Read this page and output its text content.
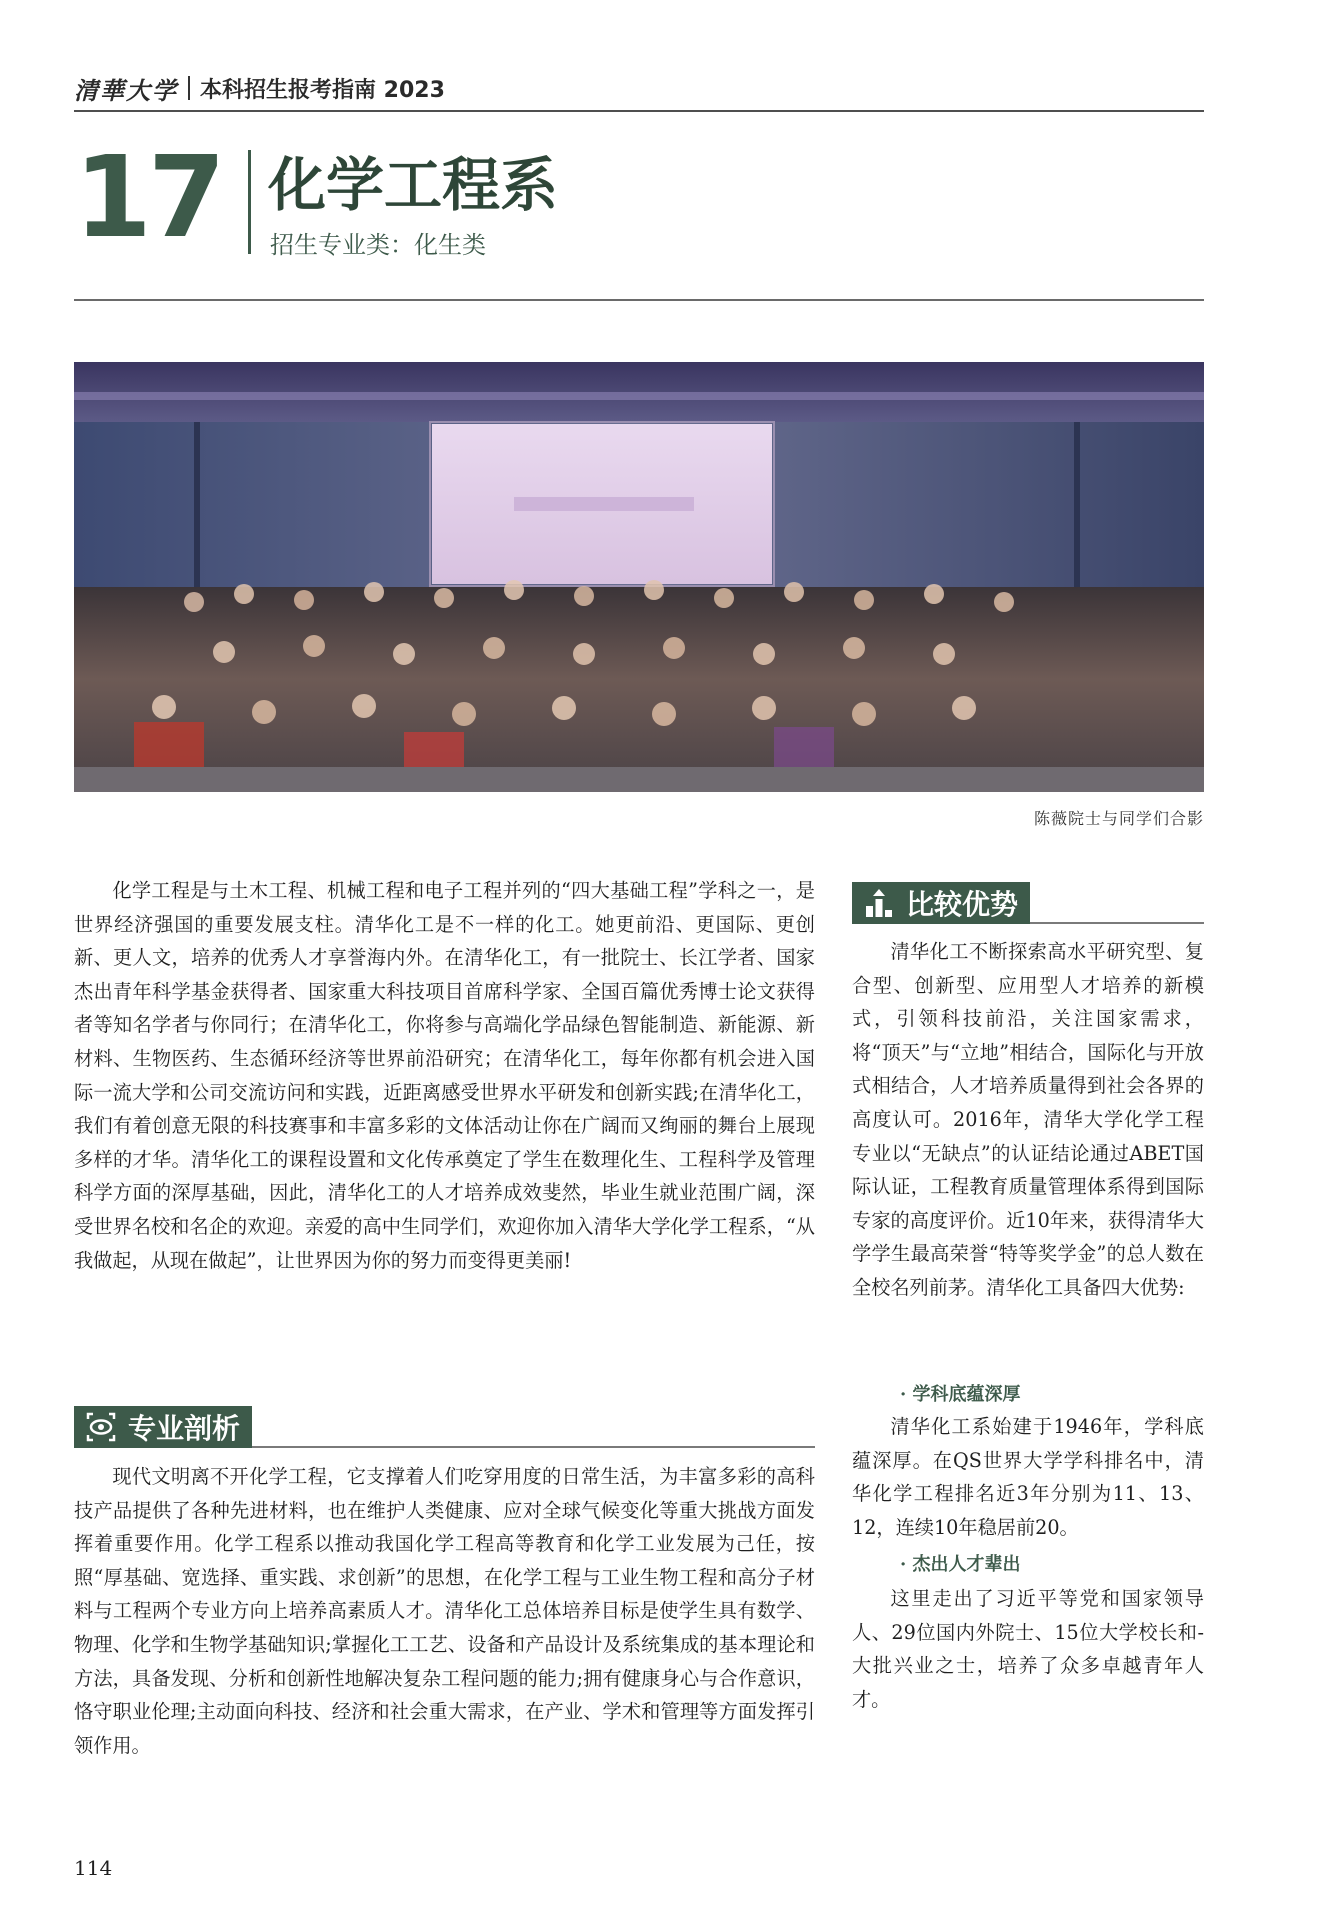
清華大学 本科招生报考指南 2023
17 化学工程系
招生专业类：化生类
陈薇院士与同学们合影

化学工程是与土木工程、机械工程和电子工程并列的“四大基础工程”学科之一，是世界经济强国的重要发展支柱。清华化工是不一样的化工。她更前沿、更国际、更创新、更人文，培养的优秀人才享誉海内外。在清华化工，有一批院士、长江学者、国家杰出青年科学基金获得者、国家重大科技项目首席科学家、全国百篇优秀博士论文获得者等知名学者与你同行；在清华化工，你将参与高端化学品绿色智能制造、新能源、新材料、生物医药、生态循环经济等世界前沿研究；在清华化工，每年你都有机会进入国际一流大学和公司交流访问和实践，近距离感受世界水平研发和创新实践;在清华化工，我们有着创意无限的科技赛事和丰富多彩的文体活动让你在广阔而又绚丽的舞台上展现多样的才华。清华化工的课程设置和文化传承奠定了学生在数理化生、工程科学及管理科学方面的深厚基础，因此，清华化工的人才培养成效斐然，毕业生就业范围广阔，深受世界名校和名企的欢迎。亲爱的高中生同学们，欢迎你加入清华大学化学工程系，“从我做起，从现在做起”，让世界因为你的努力而变得更美丽!

专业剖析

现代文明离不开化学工程，它支撑着人们吃穿用度的日常生活，为丰富多彩的高科技产品提供了各种先进材料，也在维护人类健康、应对全球气候变化等重大挑战方面发挥着重要作用。化学工程系以推动我国化学工程高等教育和化学工业发展为己任，按照“厚基础、宽选择、重实践、求创新”的思想，在化学工程与工业生物工程和高分子材料与工程两个专业方向上培养高素质人才。清华化工总体培养目标是使学生具有数学、物理、化学和生物学基础知识;掌握化工工艺、设备和产品设计及系统集成的基本理论和方法，具备发现、分析和创新性地解决复杂工程问题的能力;拥有健康身心与合作意识，恪守职业伦理;主动面向科技、经济和社会重大需求，在产业、学术和管理等方面发挥引领作用。

比较优势

清华化工不断探索高水平研究型、复合型、创新型、应用型人才培养的新模式，引领科技前沿，关注国家需求，将“顶天”与“立地”相结合，国际化与开放式相结合，人才培养质量得到社会各界的高度认可。2016年，清华大学化学工程专业以“无缺点”的认证结论通过ABET国际认证，工程教育质量管理体系得到国际专家的高度评价。近10年来，获得清华大学学生最高荣誉“特等奖学金”的总人数在全校名列前茅。清华化工具备四大优势:

· 学科底蕴深厚

清华化工系始建于1946年，学科底蕴深厚。在QS世界大学学科排名中，清华化学工程排名近3年分别为11、13、12，连续10年稳居前20。

· 杰出人才辈出

这里走出了习近平等党和国家领导人、29位国内外院士、15位大学校长和-大批兴业之士，培养了众多卓越青年人才。

114
